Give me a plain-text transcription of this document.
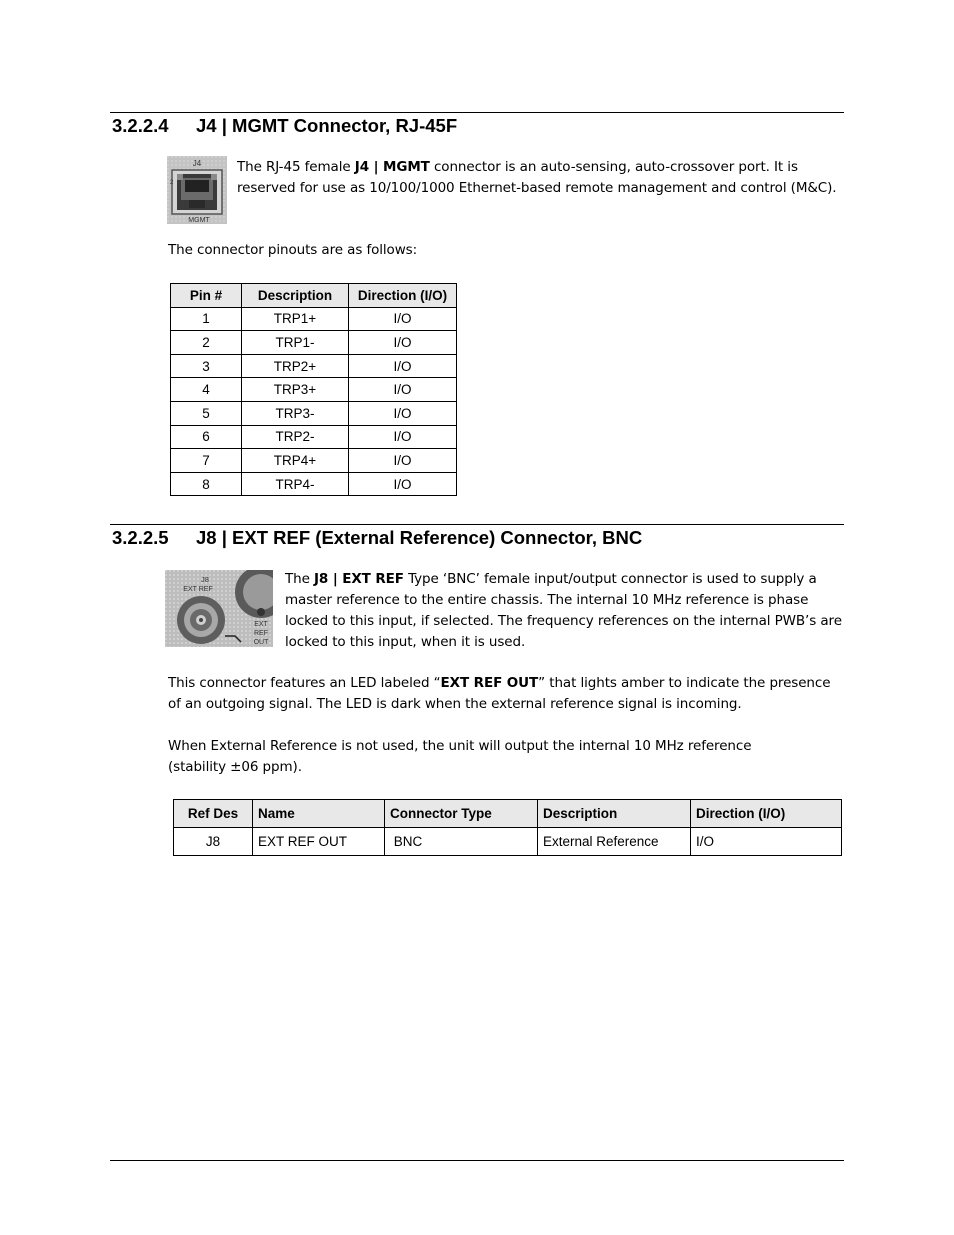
3.2.2.4 J4 | MGMT Connector, RJ-45F
J4
2
MGMT
The RJ-45 female J4 | MGMT connector is an auto-sensing, auto-crossover port. It is reserved for use as 10/100/1000 Ethernet-based remote management and control (M&C).
The connector pinouts are as follows:
Pin #	Description	Direction (I/O)
1	TRP1+	I/O
2	TRP1-	I/O
3	TRP2+	I/O
4	TRP3+	I/O
5	TRP3-	I/O
6	TRP2-	I/O
7	TRP4+	I/O
8	TRP4-	I/O
3.2.2.5 J8 | EXT REF (External Reference) Connector, BNC
J8
EXT REF
EXT
REF
OUT
The J8 | EXT REF Type ‘BNC’ female input/output connector is used to supply a master reference to the entire chassis. The internal 10 MHz reference is phase locked to this input, if selected. The frequency references on the internal PWB’s are locked to this input, when it is used.
This connector features an LED labeled “EXT REF OUT” that lights amber to indicate the presence of an outgoing signal. The LED is dark when the external reference signal is incoming.
When External Reference is not used, the unit will output the internal 10 MHz reference (stability ±06 ppm).
Ref Des	Name	Connector Type	Description	Direction (I/O)
J8	EXT REF OUT	BNC	External Reference	I/O
